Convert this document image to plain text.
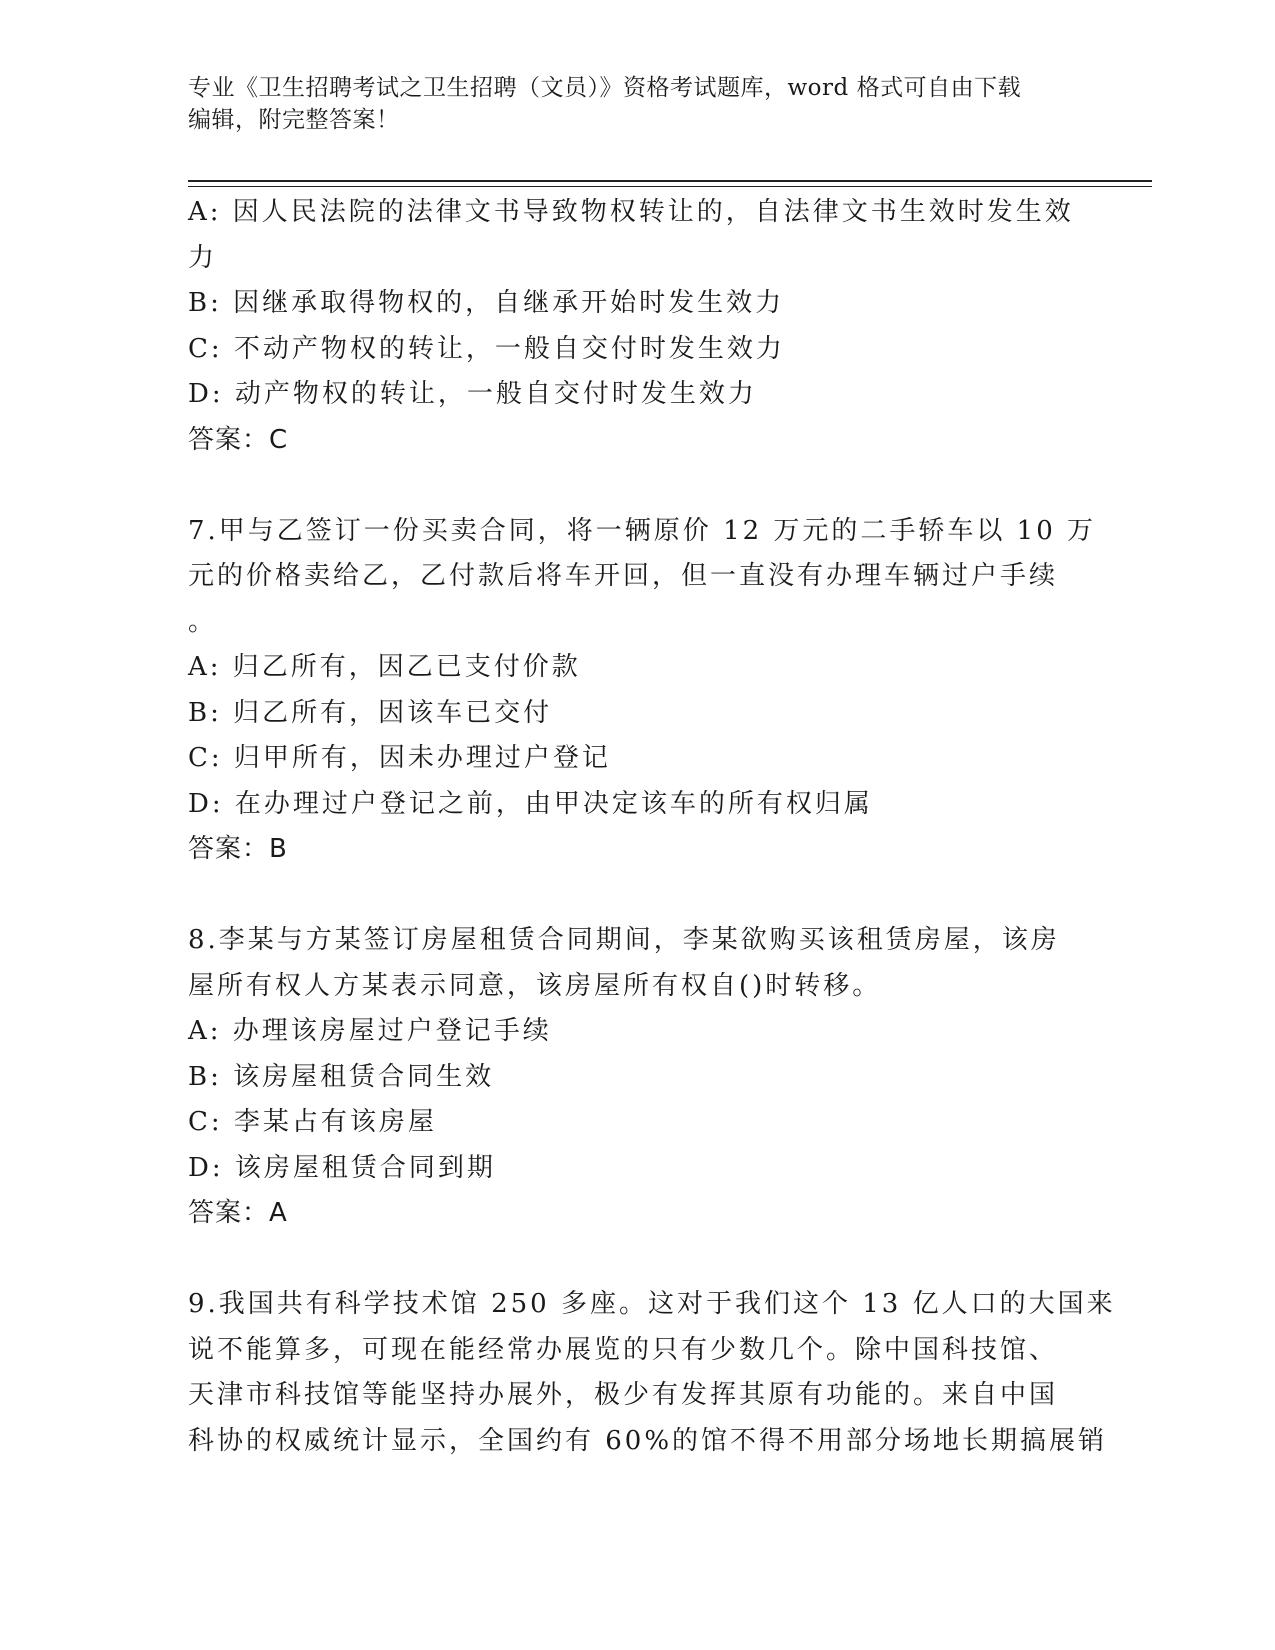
专业《卫生招聘考试之卫生招聘（文员）》资格考试题库，word 格式可自由下载
编辑，附完整答案！
A: 因人民法院的法律文书导致物权转让的，自法律文书生效时发生效
力
B: 因继承取得物权的，自继承开始时发生效力
C: 不动产物权的转让，一般自交付时发生效力
D: 动产物权的转让，一般自交付时发生效力
答案：C
7.甲与乙签订一份买卖合同，将一辆原价 12 万元的二手轿车以 10 万
元的价格卖给乙，乙付款后将车开回，但一直没有办理车辆过户手续
。
A: 归乙所有，因乙已支付价款
B: 归乙所有，因该车已交付
C: 归甲所有，因未办理过户登记
D: 在办理过户登记之前，由甲决定该车的所有权归属
答案：B
8.李某与方某签订房屋租赁合同期间，李某欲购买该租赁房屋，该房
屋所有权人方某表示同意，该房屋所有权自()时转移。
A: 办理该房屋过户登记手续
B: 该房屋租赁合同生效
C: 李某占有该房屋
D: 该房屋租赁合同到期
答案：A
9.我国共有科学技术馆 250 多座。这对于我们这个 13 亿人口的大国来
说不能算多，可现在能经常办展览的只有少数几个。除中国科技馆、
天津市科技馆等能坚持办展外，极少有发挥其原有功能的。来自中国
科协的权威统计显示，全国约有 60%的馆不得不用部分场地长期搞展销
